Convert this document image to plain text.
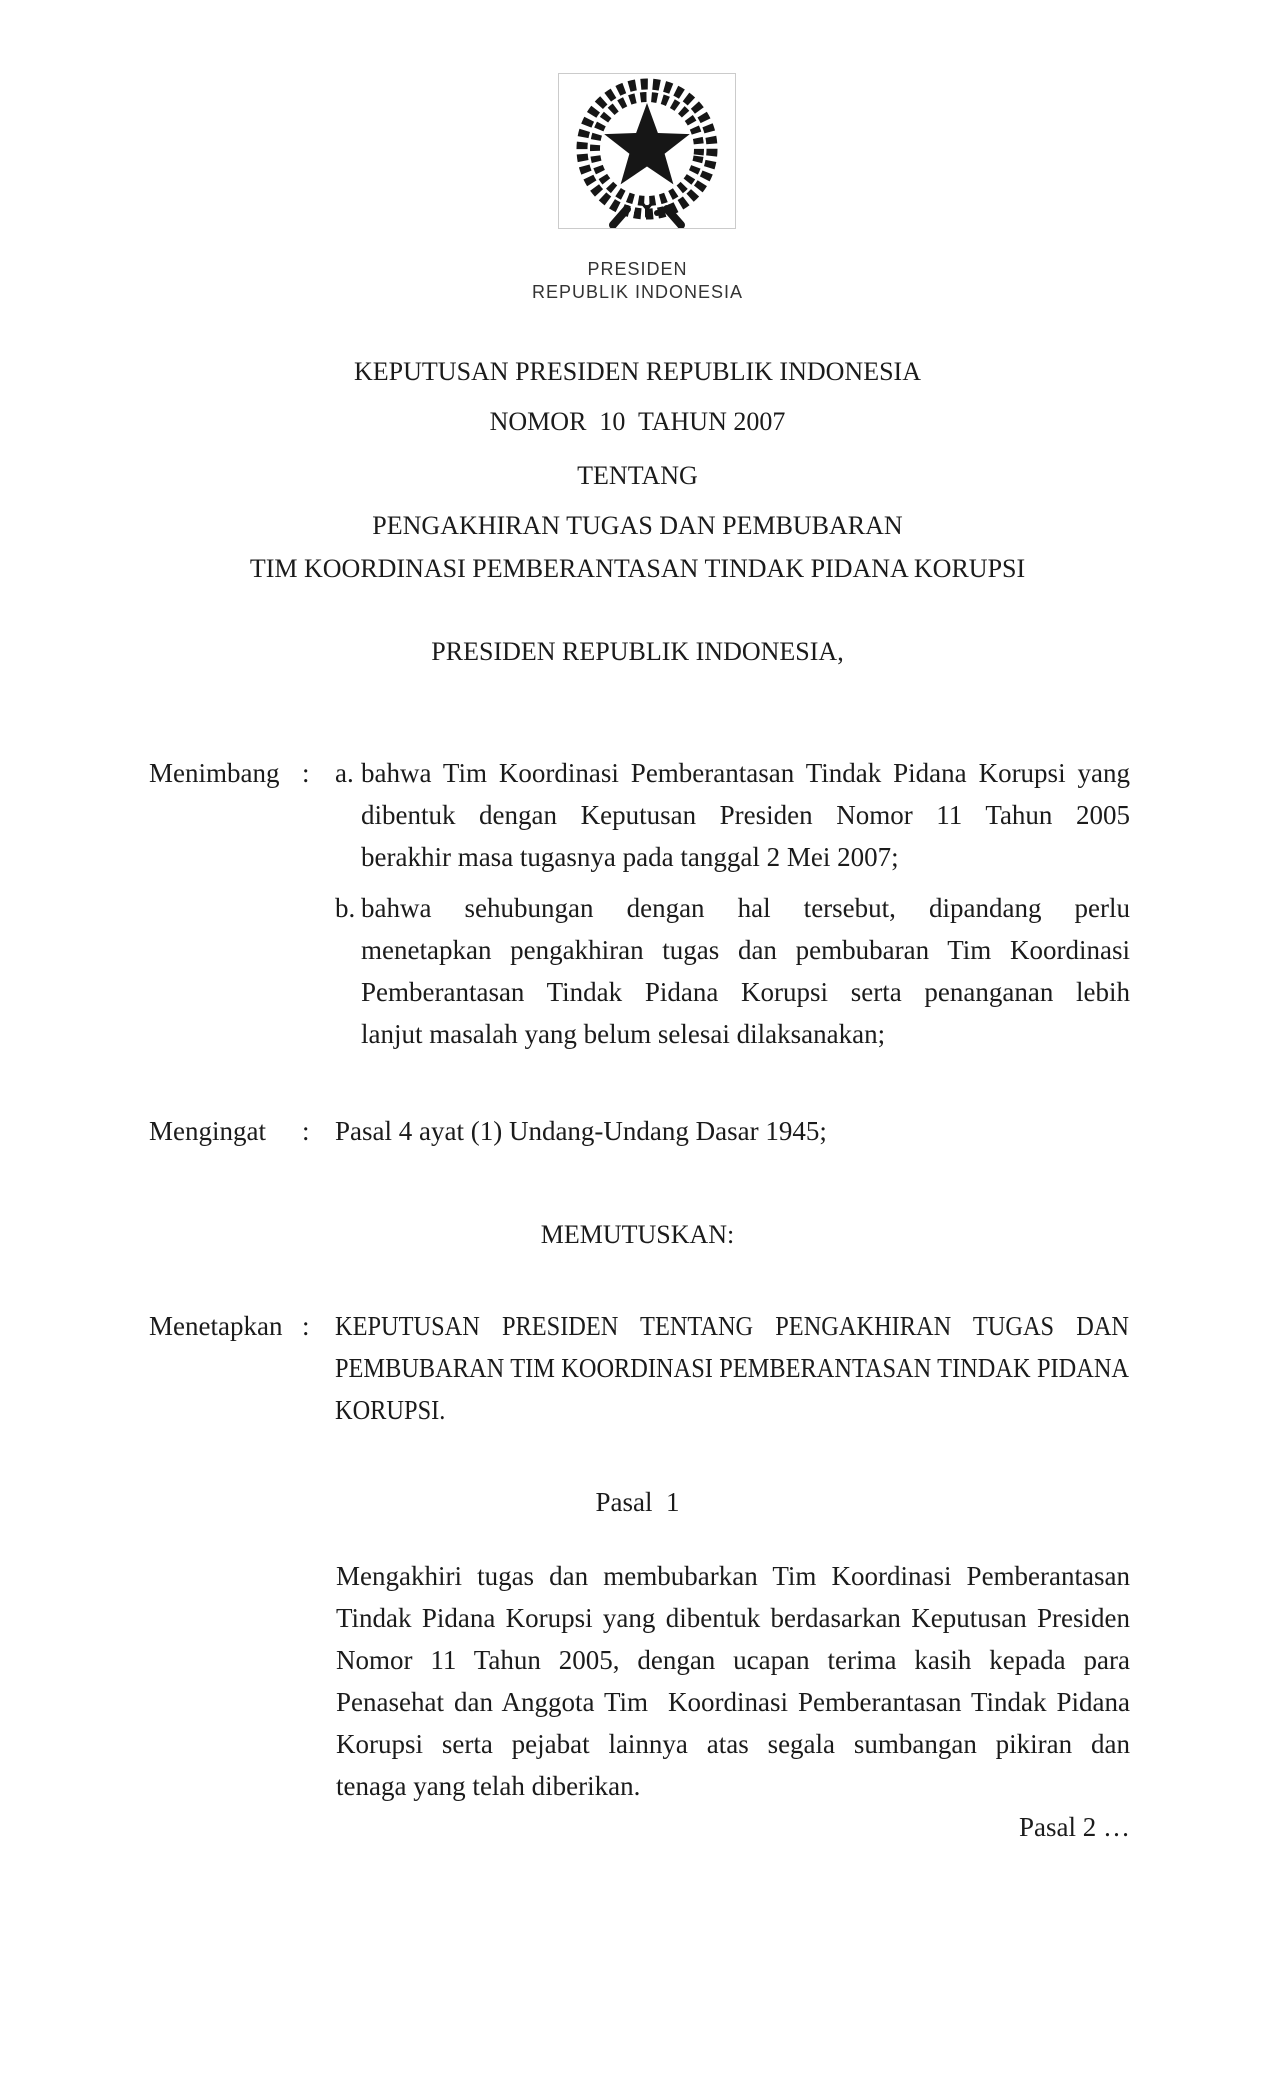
PRESIDEN
REPUBLIK INDONESIA
KEPUTUSAN PRESIDEN REPUBLIK INDONESIA
NOMOR  10  TAHUN 2007
TENTANG
PENGAKHIRAN TUGAS DAN PEMBUBARAN
TIM KOORDINASI PEMBERANTASAN TINDAK PIDANA KORUPSI
PRESIDEN REPUBLIK INDONESIA,
Menimbang : a. bahwa Tim Koordinasi Pemberantasan Tindak Pidana Korupsi yang
dibentuk dengan Keputusan Presiden Nomor 11 Tahun 2005
berakhir masa tugasnya pada tanggal 2 Mei 2007;
b. bahwa sehubungan dengan hal tersebut, dipandang perlu
menetapkan pengakhiran tugas dan pembubaran Tim Koordinasi
Pemberantasan Tindak Pidana Korupsi serta penanganan lebih
lanjut masalah yang belum selesai dilaksanakan;
Mengingat	: Pasal 4 ayat (1) Undang-Undang Dasar 1945;
MEMUTUSKAN:
Menetapkan : KEPUTUSAN PRESIDEN TENTANG PENGAKHIRAN TUGAS DAN
PEMBUBARAN TIM KOORDINASI PEMBERANTASAN TINDAK PIDANA
KORUPSI.
Pasal  1
Mengakhiri tugas dan membubarkan Tim Koordinasi Pemberantasan
Tindak Pidana Korupsi yang dibentuk berdasarkan Keputusan Presiden
Nomor 11 Tahun 2005, dengan ucapan terima kasih kepada para
Penasehat dan Anggota Tim  Koordinasi Pemberantasan Tindak Pidana
Korupsi serta pejabat lainnya atas segala sumbangan pikiran dan
tenaga yang telah diberikan.
Pasal 2 …
